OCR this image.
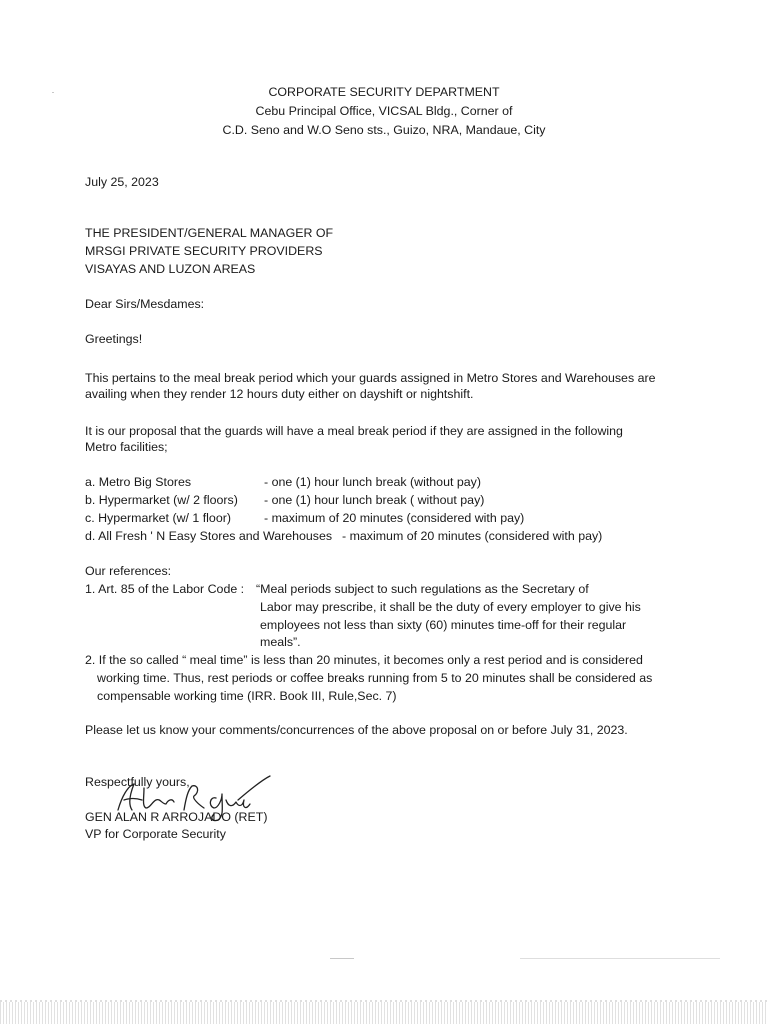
CORPORATE SECURITY DEPARTMENT
Cebu Principal Office, VICSAL Bldg., Corner of
C.D. Seno and W.O Seno sts., Guizo, NRA, Mandaue, City
July 25, 2023
THE PRESIDENT/GENERAL MANAGER OF
MRSGI PRIVATE SECURITY PROVIDERS
VISAYAS AND LUZON AREAS
Dear Sirs/Mesdames:
Greetings!
This pertains to the meal break period which your guards assigned in Metro Stores and Warehouses are
availing when they render 12 hours duty either on dayshift or nightshift.
It is our proposal that the guards will have a meal break period if they are assigned in the following
Metro facilities;
a. Metro Big Stores	- one (1) hour lunch break (without pay)
b. Hypermarket (w/ 2 floors) - one (1) hour lunch break ( without pay)
c. Hypermarket (w/ 1 floor)	- maximum of 20 minutes (considered with pay)
d. All Fresh ' N Easy Stores and Warehouses - maximum of 20 minutes (considered with pay)
Our references:
1. Art. 85 of the Labor Code : “Meal periods subject to such regulations as the Secretary of
Labor may prescribe, it shall be the duty of every employer to give his
employees not less than sixty (60) minutes time-off for their regular
meals”.
2. If the so called “ meal time” is less than 20 minutes, it becomes only a rest period and is considered
working time. Thus, rest periods or coffee breaks running from 5 to 20 minutes shall be considered as
compensable working time (IRR. Book III, Rule,Sec. 7)
Please let us know your comments/concurrences of the above proposal on or before July 31, 2023.
Respectfully yours,
GEN ALAN R ARROJADO (RET)
VP for Corporate Security
